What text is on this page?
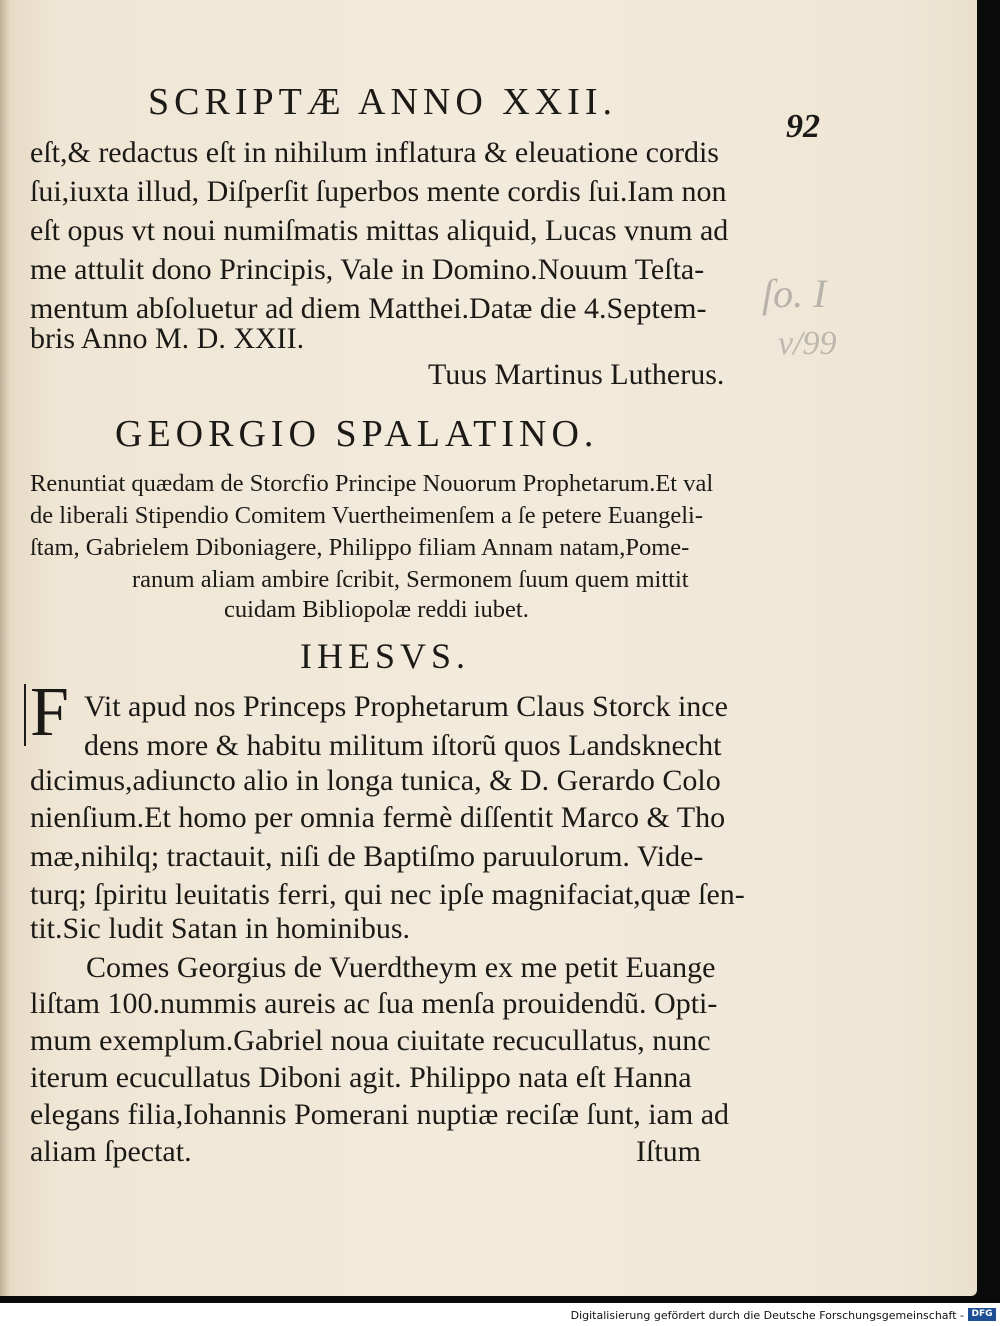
SCRIPTÆ ANNO XXII.
92
ſo. I
v/99

eſt,& redactus eſt in nihilum inflatura & eleuatione cordis

ſui,iuxta illud, Diſperſit ſuperbos mente cordis ſui.Iam non

eſt opus vt noui numiſmatis mittas aliquid, Lucas vnum ad

me attulit dono Principis, Vale in Domino.Nouum Teſta-

mentum abſoluetur ad diem Matthei.Datæ die 4.Septem-

bris Anno M. D. XXII.

Tuus Martinus Lutherus.

GEORGIO SPALATINO.

Renuntiat quædam de Storcfio Principe Nouorum Prophetarum.Et val

de liberali Stipendio Comitem Vuertheimenſem a ſe petere Euangeli-

ſtam, Gabrielem Diboniagere, Philippo filiam Annam natam,Pome-

ranum aliam ambire ſcribit, Sermonem ſuum quem mittit

cuidam Bibliopolæ reddi iubet.

IHESVS.
F Vit apud nos Princeps Prophetarum Claus Storck ince

dens more & habitu militum iſtorũ quos Landsknecht

dicimus,adiuncto alio in longa tunica, & D. Gerardo Colo

nienſium.Et homo per omnia fermè diſſentit Marco & Tho

mæ,nihilq; tractauit, niſi de Baptiſmo paruulorum. Vide-

turq; ſpiritu leuitatis ferri, qui nec ipſe magnifaciat,quæ ſen-

tit.Sic ludit Satan in hominibus.

Comes Georgius de Vuerdtheym ex me petit Euange

liſtam 100.nummis aureis ac ſua menſa prouidendũ. Opti-

mum exemplum.Gabriel noua ciuitate recucullatus, nunc

iterum ecucullatus Diboni agit. Philippo nata eſt Hanna

elegans filia,Iohannis Pomerani nuptiæ reciſæ ſunt, iam ad

aliam ſpectat.	Iſtum

Digitalisierung gefördert durch die Deutsche Forschungsgemeinschaft - DFG
